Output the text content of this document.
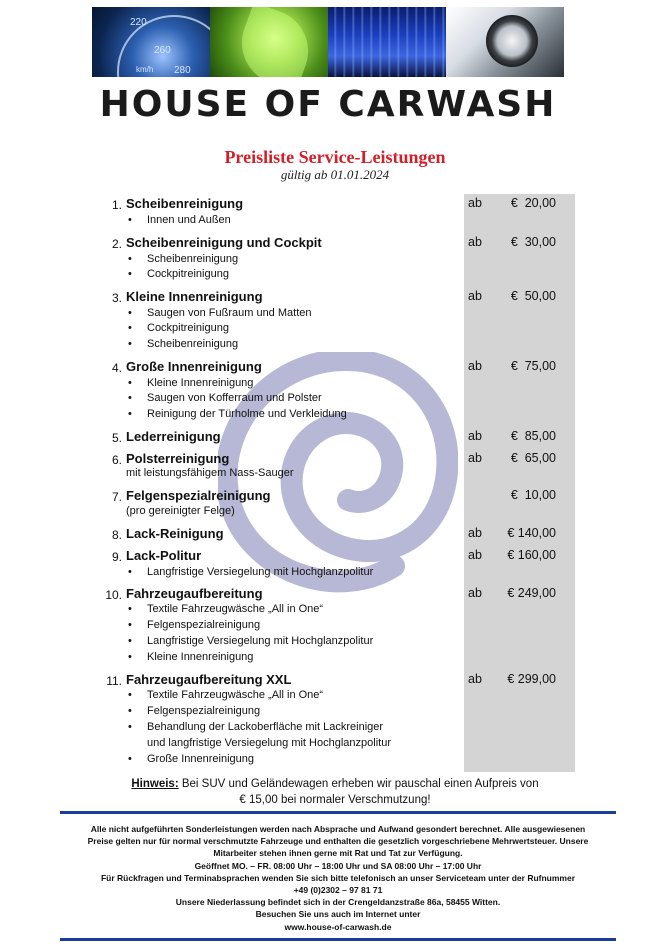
220
260
280
km/h
HOUSE OF CARWASH
Preisliste Service-Leistungen
gültig ab 01.01.2024
1. Scheibenreinigung	ab	€  20,00
• Innen und Außen
2. Scheibenreinigung und Cockpit	ab	€  30,00
• Scheibenreinigung
• Cockpitreinigung
3. Kleine Innenreinigung	ab	€  50,00
• Saugen von Fußraum und Matten
• Cockpitreinigung
• Scheibenreinigung
4. Große Innenreinigung	ab	€  75,00
• Kleine Innenreinigung
• Saugen von Kofferraum und Polster
• Reinigung der Türholme und Verkleidung
5. Lederreinigung	ab	€  85,00
6. Polsterreinigung	ab	€  65,00
mit leistungsfähigem Nass-Sauger
7. Felgenspezialreinigung	€  10,00
(pro gereinigter Felge)
8. Lack-Reinigung	ab € 140,00
9. Lack-Politur	ab € 160,00
• Langfristige Versiegelung mit Hochglanzpolitur
10. Fahrzeugaufbereitung	ab € 249,00
• Textile Fahrzeugwäsche „All in One“
• Felgenspezialreinigung
• Langfristige Versiegelung mit Hochglanzpolitur
• Kleine Innenreinigung
11. Fahrzeugaufbereitung XXL	ab € 299,00
• Textile Fahrzeugwäsche „All in One“
• Felgenspezialreinigung
• Behandlung der Lackoberfläche mit Lackreiniger
und langfristige Versiegelung mit Hochglanzpolitur
• Große Innenreinigung
Hinweis: Bei SUV und Geländewagen erheben wir pauschal einen Aufpreis von
€ 15,00 bei normaler Verschmutzung!
Alle nicht aufgeführten Sonderleistungen werden nach Absprache und Aufwand gesondert berechnet. Alle ausgewiesenen
Preise gelten nur für normal verschmutzte Fahrzeuge und enthalten die gesetzlich vorgeschriebene Mehrwertsteuer. Unsere
Mitarbeiter stehen ihnen gerne mit Rat und Tat zur Verfügung.
Geöffnet MO. – FR. 08:00 Uhr – 18:00 Uhr und SA 08:00 Uhr – 17:00 Uhr
Für Rückfragen und Terminabsprachen wenden Sie sich bitte telefonisch an unser Serviceteam unter der Rufnummer
+49 (0)2302 – 97 81 71
Unsere Niederlassung befindet sich in der Crengeldanzstraße 86a, 58455 Witten.
Besuchen Sie uns auch im Internet unter
www.house-of-carwash.de
